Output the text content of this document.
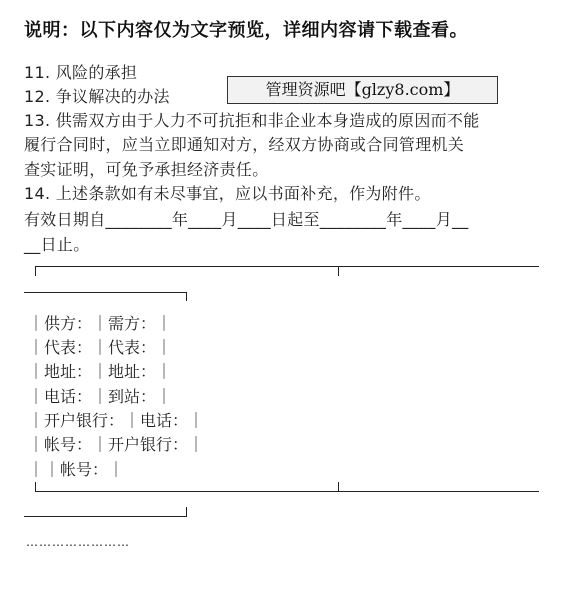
说明：以下内容仅为文字预览，详细内容请下载查看。
11. 风险的承担
12. 争议解决的办法	管理资源吧【glzy8.com】
13. 供需双方由于人力不可抗拒和非企业本身造成的原因而不能
履行合同时，应当立即通知对方，经双方协商或合同管理机关
查实证明，可免予承担经济责任。
14. 上述条款如有未尽事宜，应以书面补充，作为附件。
有效日期自________年____月____日起至________年____月__
__日止。
｜供方：｜需方：｜
｜代表：｜代表：｜
｜地址：｜地址：｜
｜电话：｜到站：｜
｜开户银行：｜电话：｜
｜帐号：｜开户银行：｜
｜｜帐号：｜
……………………
